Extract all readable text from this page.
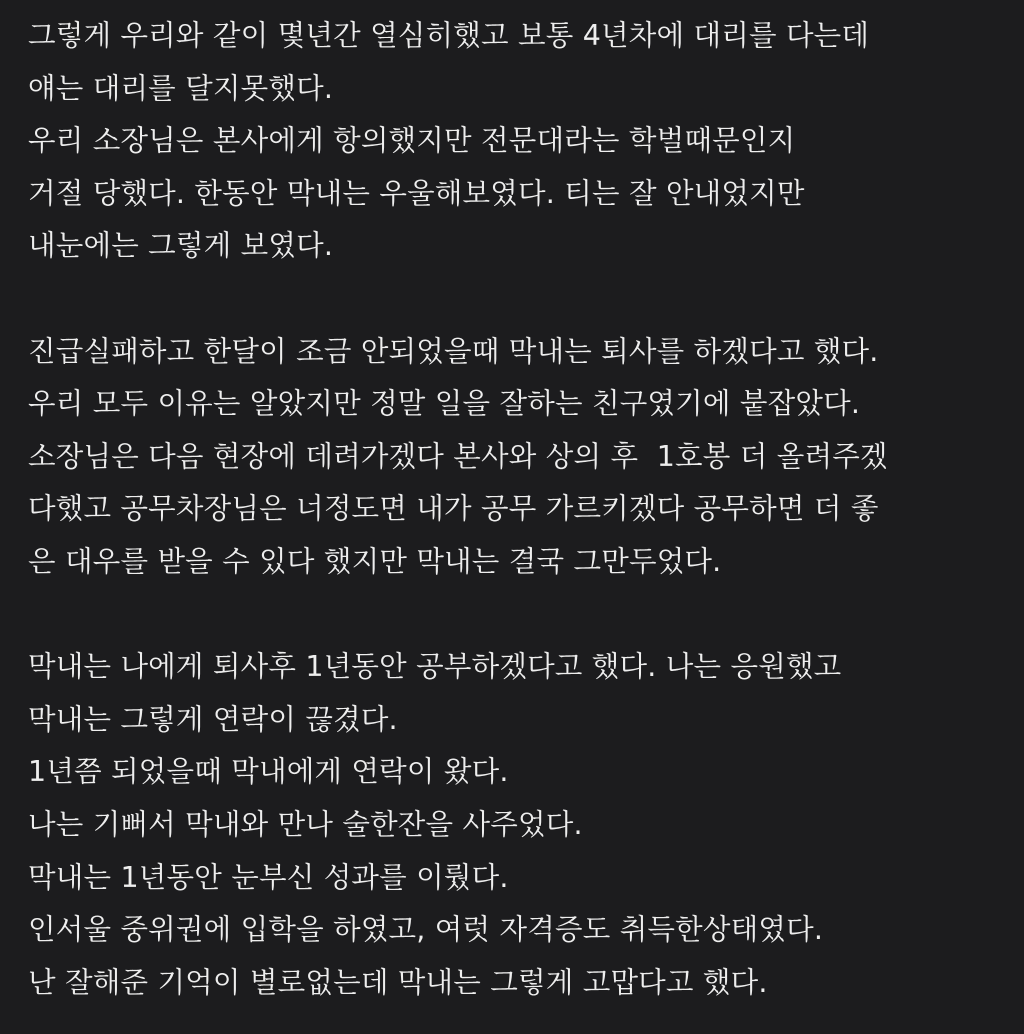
그렇게 우리와 같이 몇년간 열심히했고 보통 4년차에 대리를 다는데
얘는 대리를 달지못했다.
우리 소장님은 본사에게 항의했지만 전문대라는 학벌때문인지
거절 당했다. 한동안 막내는 우울해보였다. 티는 잘 안내었지만
내눈에는 그렇게 보였다.
진급실패하고 한달이 조금 안되었을때 막내는 퇴사를 하겠다고 했다.
우리 모두 이유는 알았지만 정말 일을 잘하는 친구였기에 붙잡았다.
소장님은 다음 현장에 데려가겠다 본사와 상의 후  1호봉 더 올려주겠
다했고 공무차장님은 너정도면 내가 공무 가르키겠다 공무하면 더 좋
은 대우를 받을 수 있다 했지만 막내는 결국 그만두었다.
막내는 나에게 퇴사후 1년동안 공부하겠다고 했다. 나는 응원했고
막내는 그렇게 연락이 끊겼다.
1년쯤 되었을때 막내에게 연락이 왔다.
나는 기뻐서 막내와 만나 술한잔을 사주었다.
막내는 1년동안 눈부신 성과를 이뤘다.
인서울 중위권에 입학을 하였고, 여럿 자격증도 취득한상태였다.
난 잘해준 기억이 별로없는데 막내는 그렇게 고맙다고 했다.
